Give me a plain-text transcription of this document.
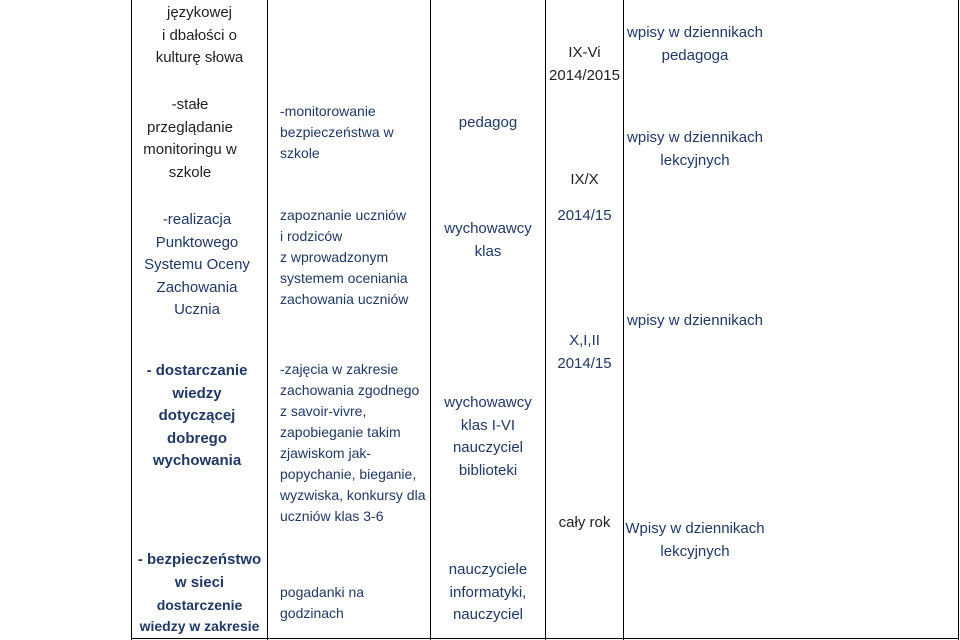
językowej
i dbałości o
kulturę słowa	IX-Vi
2014/2015
wpisy w dziennikach
pedagoga
-stałe
przeglądanie
monitoringu w
szkole
-monitorowanie
bezpieczeństwa w
szkole
pedagog
IX/X
wpisy w dziennikach
lekcyjnych
-realizacja
Punktowego
Systemu Oceny
Zachowania
Ucznia
zapoznanie uczniów
i rodziców
z wprowadzonym
systemem oceniania
zachowania uczniów
wychowawcy
klas
2014/15
wpisy w dziennikach
- dostarczanie
wiedzy
dotyczącej
dobrego
wychowania
-zajęcia w zakresie
zachowania zgodnego
z savoir-vivre,
zapobieganie takim
zjawiskom jak-
popychanie, bieganie,
wyzwiska, konkursy dla
uczniów klas 3-6
wychowawcy
klas I-VI
nauczyciel
biblioteki
X,I,II
2014/15
- bezpieczeństwo
w sieci
dostarczenie
wiedzy w zakresie
pogadanki na
godzinach
nauczyciele
informatyki,
nauczyciel
cały rok	Wpisy w dziennikach
lekcyjnych
